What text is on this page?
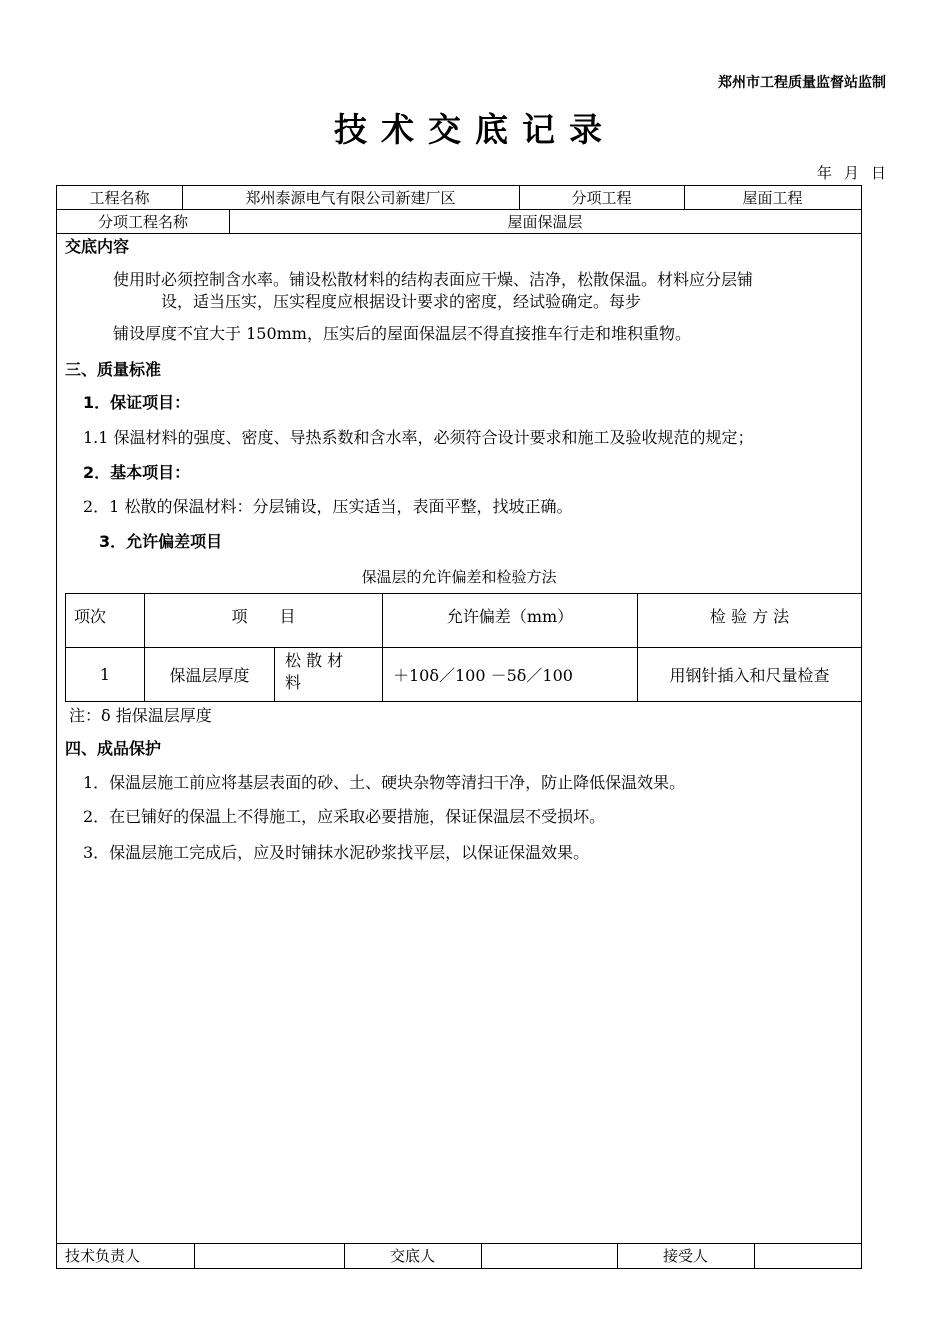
郑州市工程质量监督站监制
技术交底记录
年 月 日
工程名称	郑州泰源电气有限公司新建厂区	分项工程	屋面工程
分项工程名称	屋面保温层
交底内容
使用时必须控制含水率。铺设松散材料的结构表面应干燥、洁净，松散保温。材料应分层铺
设，适当压实，压实程度应根据设计要求的密度，经试验确定。每步
铺设厚度不宜大于 150mm，压实后的屋面保温层不得直接推车行走和堆积重物。
三、质量标准
1．保证项目：
1.1 保温材料的强度、密度、导热系数和含水率，必须符合设计要求和施工及验收规范的规定；
2．基本项目：
2．1 松散的保温材料：分层铺设，压实适当，表面平整，找坡正确。
3．允许偏差项目
保温层的允许偏差和检验方法
项次	项　　目		允许偏差（mm）	检 验 方 法
1	保温层厚度	松 散 材
料	＋10δ／100 －5δ／100	用钢针插入和尺量检查
注：δ 指保温层厚度
四、成品保护
1．保温层施工前应将基层表面的砂、土、硬块杂物等清扫干净，防止降低保温效果。
2．在已铺好的保温上不得施工，应采取必要措施，保证保温层不受损坏。
3．保温层施工完成后，应及时铺抹水泥砂浆找平层，以保证保温效果。
技术负责人	交底人	接受人
